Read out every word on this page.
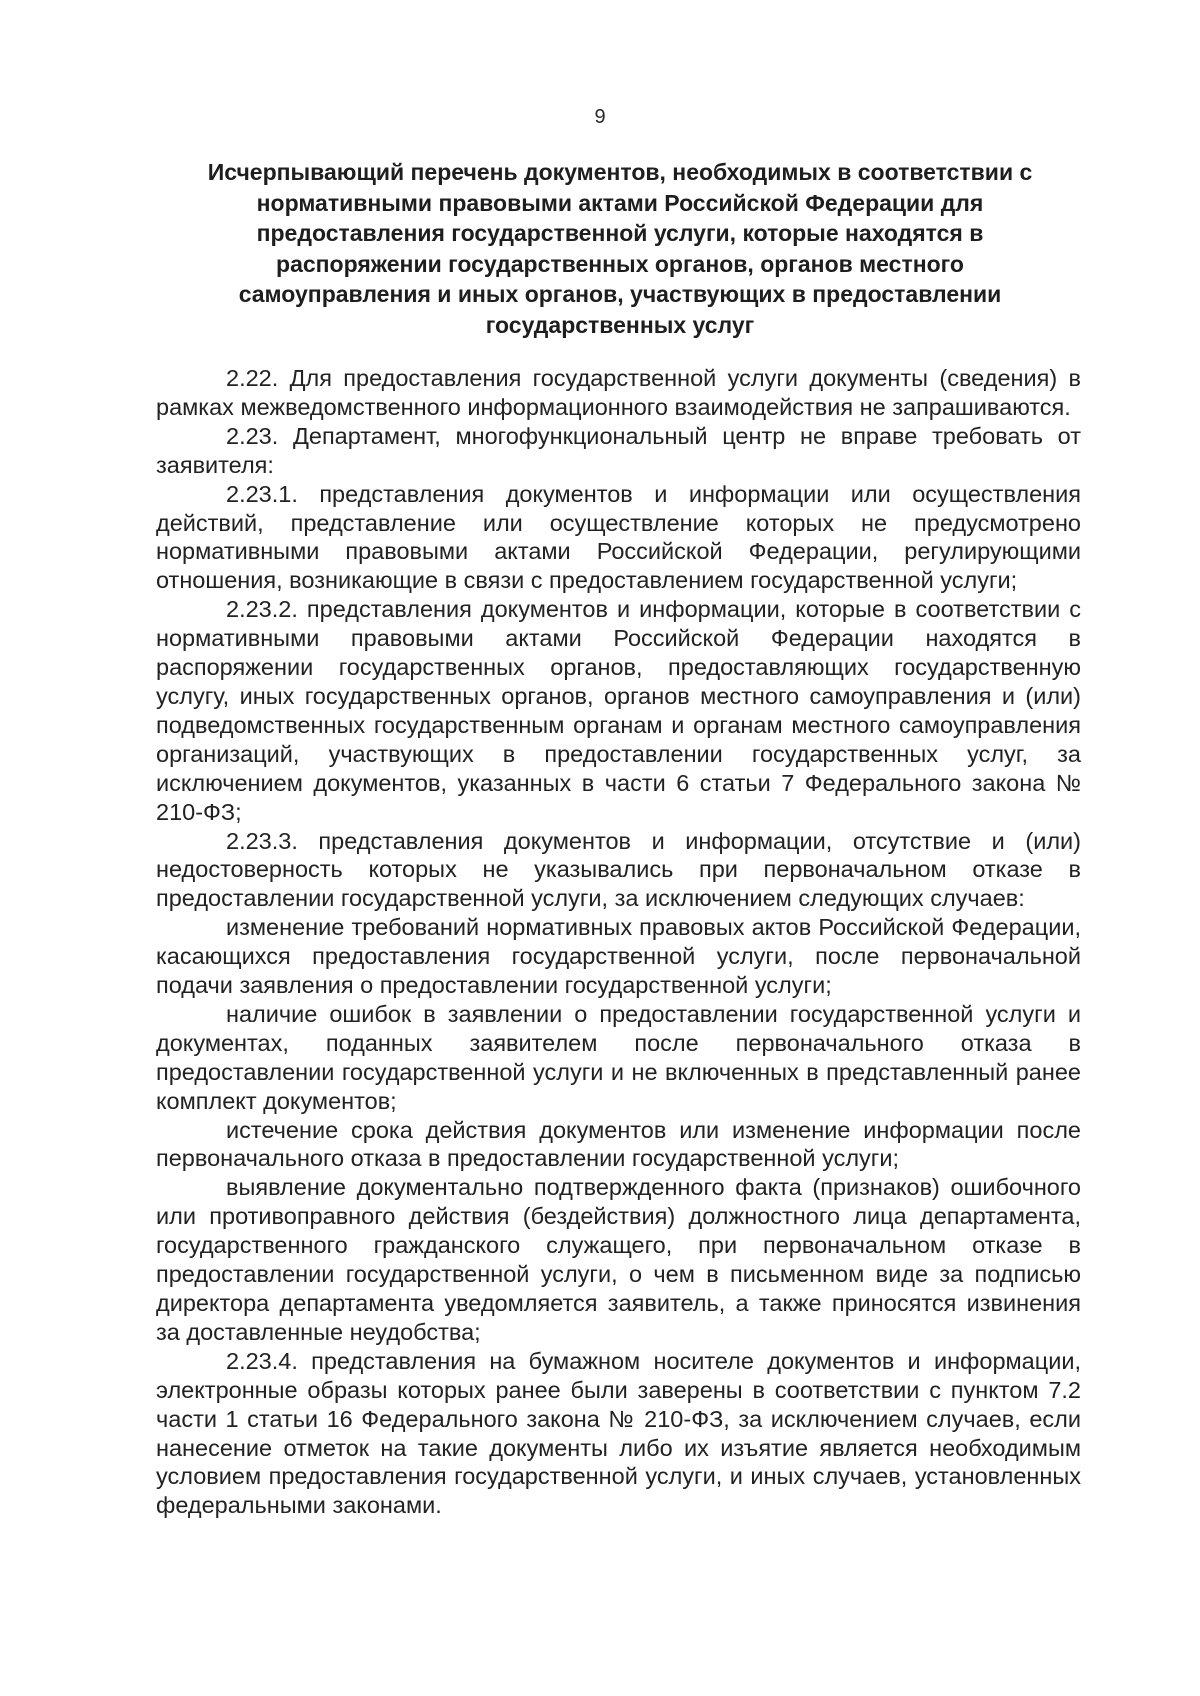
9
Исчерпывающий перечень документов, необходимых в соответствии с нормативными правовыми актами Российской Федерации для предоставления государственной услуги, которые находятся в распоряжении государственных органов, органов местного самоуправления и иных органов, участвующих в предоставлении государственных услуг

2.22. Для предоставления государственной услуги документы (сведения) в рамках межведомственного информационного взаимодействия не запрашиваются.

2.23. Департамент, многофункциональный центр не вправе требовать от заявителя:

2.23.1. представления документов и информации или осуществления действий, представление или осуществление которых не предусмотрено нормативными правовыми актами Российской Федерации, регулирующими отношения, возникающие в связи с предоставлением государственной услуги;

2.23.2. представления документов и информации, которые в соответствии с нормативными правовыми актами Российской Федерации находятся в распоряжении государственных органов, предоставляющих государственную услугу, иных государственных органов, органов местного самоуправления и (или) подведомственных государственным органам и органам местного самоуправления организаций, участвующих в предоставлении государственных услуг, за исключением документов, указанных в части 6 статьи 7 Федерального закона № 210-ФЗ;

2.23.3. представления документов и информации, отсутствие и (или) недостоверность которых не указывались при первоначальном отказе в предоставлении государственной услуги, за исключением следующих случаев:

изменение требований нормативных правовых актов Российской Федерации, касающихся предоставления государственной услуги, после первоначальной подачи заявления о предоставлении государственной услуги;

наличие ошибок в заявлении о предоставлении государственной услуги и документах, поданных заявителем после первоначального отказа в предоставлении государственной услуги и не включенных в представленный ранее комплект документов;

истечение срока действия документов или изменение информации после первоначального отказа в предоставлении государственной услуги;

выявление документально подтвержденного факта (признаков) ошибочного или противоправного действия (бездействия) должностного лица департамента, государственного гражданского служащего, при первоначальном отказе в предоставлении государственной услуги, о чем в письменном виде за подписью директора департамента уведомляется заявитель, а также приносятся извинения за доставленные неудобства;

2.23.4. представления на бумажном носителе документов и информации, электронные образы которых ранее были заверены в соответствии с пунктом 7.2 части 1 статьи 16 Федерального закона № 210-ФЗ, за исключением случаев, если нанесение отметок на такие документы либо их изъятие является необходимым условием предоставления государственной услуги, и иных случаев, установленных федеральными законами.
